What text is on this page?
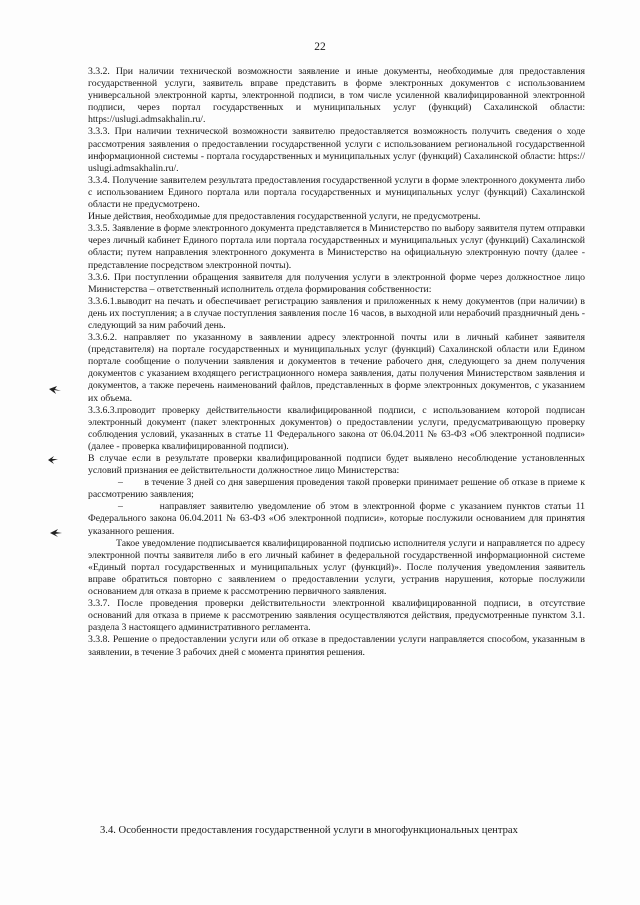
22

3.3.2. При наличии технической возможности заявление и иные документы, необходимые для предоставления государственной услуги, заявитель вправе представить в форме электронных документов с использованием универсальной электронной карты, электронной подписи, в том числе усиленной квалифицированной электронной подписи, через портал государственных и муниципальных услуг (функций) Сахалинской области: https://uslugi.admsakhalin.ru/.

3.3.3. При наличии технической возможности заявителю предоставляется возможность получить сведения о ходе рассмотрения заявления о предоставлении государственной услуги с использованием региональной государственной информационной системы - портала государственных и муниципальных услуг (функций) Сахалинской области: https:// uslugi.admsakhalin.ru/.

3.3.4. Получение заявителем результата предоставления государственной услуги в форме электронного документа либо с использованием Единого портала или портала государственных и муниципальных услуг (функций) Сахалинской области не предусмотрено.

Иные действия, необходимые для предоставления государственной услуги, не предусмотрены.

3.3.5. Заявление в форме электронного документа представляется в Министерство по выбору заявителя путем отправки через личный кабинет Единого портала или портала государственных и муниципальных услуг (функций) Сахалинской области; путем направления электронного документа в Министерство на официальную электронную почту (далее - представление посредством электронной почты).

3.3.6. При поступлении обращения заявителя для получения услуги в электронной форме через должностное лицо Министерства – ответственный исполнитель отдела формирования собственности:

3.3.6.1.выводит на печать и обеспечивает регистрацию заявления и приложенных к нему документов (при наличии) в день их поступления; а в случае поступления заявления после 16 часов, в выходной или нерабочий праздничный день - следующий за ним рабочий день.

3.3.6.2. направляет по указанному в заявлении адресу электронной почты или в личный кабинет заявителя (представителя) на портале государственных и муниципальных услуг (функций) Сахалинской области или Едином портале сообщение о получении заявления и документов в течение рабочего дня, следующего за днем получения документов с указанием входящего регистрационного номера заявления, даты получения Министерством заявления и документов, а также перечень наименований файлов, представленных в форме электронных документов, с указанием их объема.

3.3.6.3.проводит проверку действительности квалифицированной подписи, с использованием которой подписан электронный документ (пакет электронных документов) о предоставлении услуги, предусматривающую проверку соблюдения условий, указанных в статье 11 Федерального закона от 06.04.2011 № 63-ФЗ «Об электронной подписи» (далее - проверка квалифицированной подписи).

В случае если в результате проверки квалифицированной подписи будет выявлено несоблюдение установленных условий признания ее действительности должностное лицо Министерства:

–        в течение 3 дней со дня завершения проведения такой проверки принимает решение об отказе в приеме к рассмотрению заявления;

–        направляет заявителю уведомление об этом в электронной форме с указанием пунктов статьи 11 Федерального закона 06.04.2011 № 63-ФЗ «Об электронной подписи», которые послужили основанием для принятия указанного решения.

Такое уведомление подписывается квалифицированной подписью исполнителя услуги и направляется по адресу электронной почты заявителя либо в его личный кабинет в федеральной государственной информационной системе «Единый портал государственных и муниципальных услуг (функций)». После получения уведомления заявитель вправе обратиться повторно с заявлением о предоставлении услуги, устранив нарушения, которые послужили основанием для отказа в приеме к рассмотрению первичного заявления.

3.3.7. После проведения проверки действительности электронной квалифицированной подписи, в отсутствие оснований для отказа в приеме к рассмотрению заявления осуществляются действия, предусмотренные пунктом 3.1. раздела 3 настоящего административного регламента.

3.3.8. Решение о предоставлении услуги или об отказе в предоставлении услуги направляется способом, указанным в заявлении, в течение 3 рабочих дней с момента принятия решения.

3.4. Особенности предоставления государственной услуги в многофункциональных центрах
